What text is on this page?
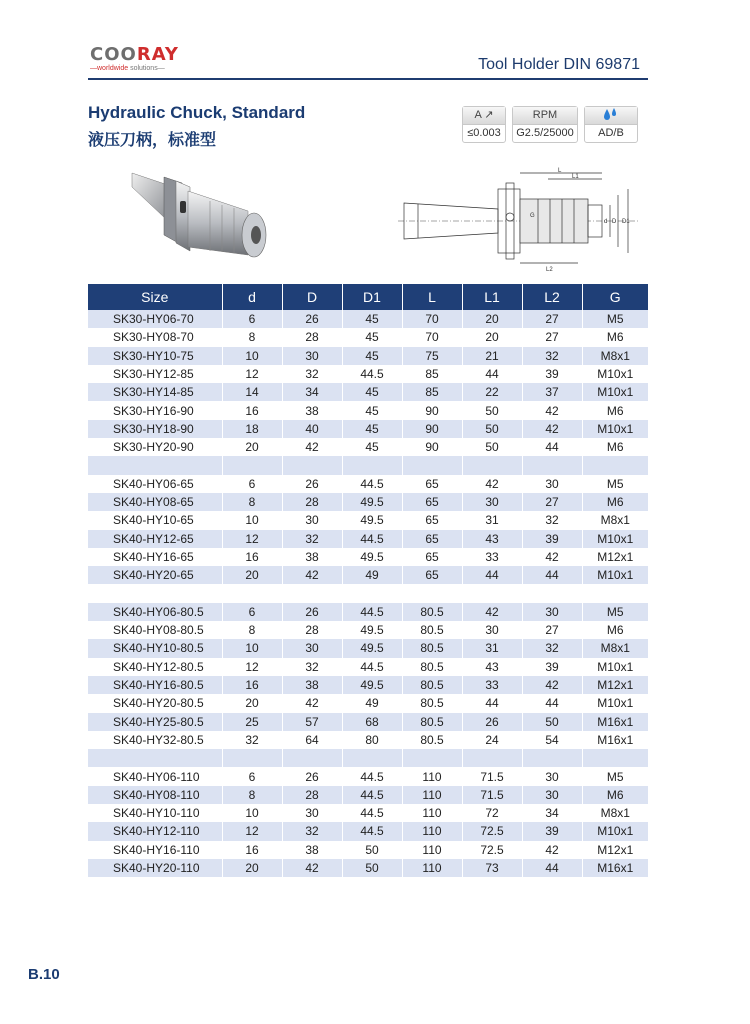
COORAY
—worldwide solutions—	Tool Holder DIN 69871
Hydraulic Chuck, Standard
液压刀柄，标准型
A ↗
≤0.003
RPM
G2.5/25000	AD/B
L
L1
L2
d D D1
G
Size	d	D	D1	L	L1	L2	G
SK30-HY06-70	6	26	45	70	20	27	M5
SK30-HY08-70	8	28	45	70	20	27	M6
SK30-HY10-75	10	30	45	75	21	32	M8x1
SK30-HY12-85	12	32	44.5	85	44	39	M10x1
SK30-HY14-85	14	34	45	85	22	37	M10x1
SK30-HY16-90	16	38	45	90	50	42	M6
SK30-HY18-90	18	40	45	90	50	42	M10x1
SK30-HY20-90	20	42	45	90	50	44	M6

SK40-HY06-65	6	26	44.5	65	42	30	M5
SK40-HY08-65	8	28	49.5	65	30	27	M6
SK40-HY10-65	10	30	49.5	65	31	32	M8x1
SK40-HY12-65	12	32	44.5	65	43	39	M10x1
SK40-HY16-65	16	38	49.5	65	33	42	M12x1
SK40-HY20-65	20	42	49	65	44	44	M10x1

SK40-HY06-80.5	6	26	44.5	80.5	42	30	M5
SK40-HY08-80.5	8	28	49.5	80.5	30	27	M6
SK40-HY10-80.5	10	30	49.5	80.5	31	32	M8x1
SK40-HY12-80.5	12	32	44.5	80.5	43	39	M10x1
SK40-HY16-80.5	16	38	49.5	80.5	33	42	M12x1
SK40-HY20-80.5	20	42	49	80.5	44	44	M10x1
SK40-HY25-80.5	25	57	68	80.5	26	50	M16x1
SK40-HY32-80.5	32	64	80	80.5	24	54	M16x1

SK40-HY06-110	6	26	44.5	110	71.5	30	M5
SK40-HY08-110	8	28	44.5	110	71.5	30	M6
SK40-HY10-110	10	30	44.5	110	72	34	M8x1
SK40-HY12-110	12	32	44.5	110	72.5	39	M10x1
SK40-HY16-110	16	38	50	110	72.5	42	M12x1
SK40-HY20-110	20	42	50	110	73	44	M16x1
B.10
